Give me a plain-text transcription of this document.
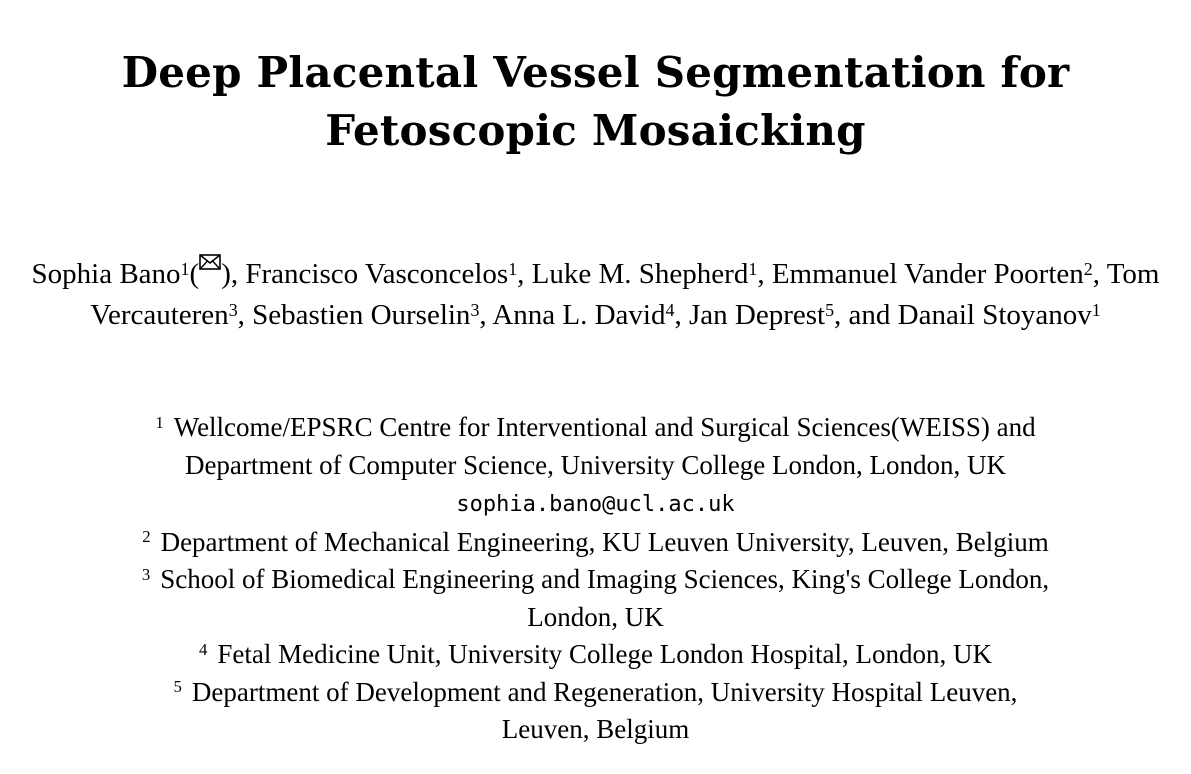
Deep Placental Vessel Segmentation for
Fetoscopic Mosaicking
Sophia Bano$^1$( ), Francisco Vasconcelos$^1$, Luke M. Shepherd$^1$, Emmanuel Vander Poorten$^2$, Tom Vercauteren$^3$, Sebastien Ourselin$^3$, Anna L. David$^4$, Jan Deprest$^5$, and Danail Stoyanov$^1$
$^1$ Wellcome/EPSRC Centre for Interventional and Surgical Sciences(WEISS) and
Department of Computer Science, University College London, London, UK
sophia.bano@ucl.ac.uk
$^2$ Department of Mechanical Engineering, KU Leuven University, Leuven, Belgium
$^3$ School of Biomedical Engineering and Imaging Sciences, King's College London,
London, UK
$^4$ Fetal Medicine Unit, University College London Hospital, London, UK
$^5$ Department of Development and Regeneration, University Hospital Leuven,
Leuven, Belgium
